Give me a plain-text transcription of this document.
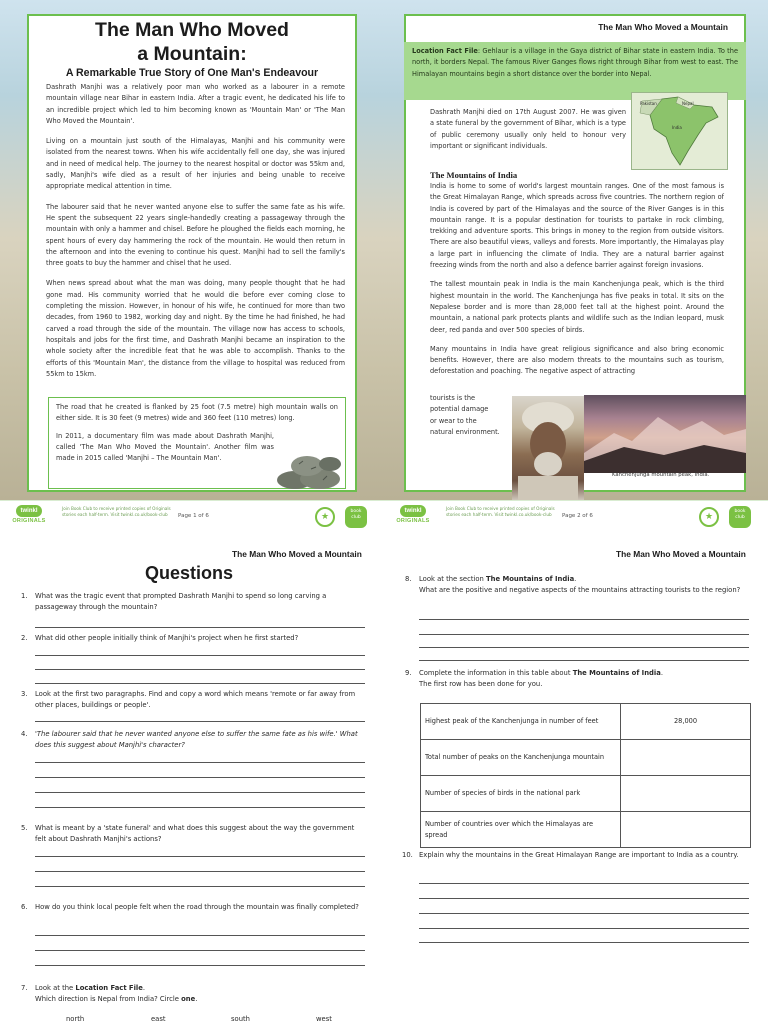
The Man Who Moved
a Mountain:
A Remarkable True Story of One Man's Endeavour

Dashrath Manjhi was a relatively poor man who worked as a labourer in a remote mountain village near Bihar in eastern India. After a tragic event, he dedicated his life to an incredible project which led to him becoming known as 'Mountain Man' or 'The Man Who Moved the Mountain'.

Living on a mountain just south of the Himalayas, Manjhi and his community were isolated from the nearest towns. When his wife accidentally fell one day, she was injured and in need of medical help. The journey to the nearest hospital or doctor was 55km and, sadly, Manjhi's wife died as a result of her injuries and being unable to receive appropriate medical attention in time.

The labourer said that he never wanted anyone else to suffer the same fate as his wife. He spent the subsequent 22 years single-handedly creating a passageway through the mountain with only a hammer and chisel. Before he ploughed the fields each morning, he spent hours of every day hammering the rock of the mountain. He would then return in the afternoon and into the evening to continue his quest. Manjhi had to sell the family's three goats to buy the hammer and chisel that he used.

When news spread about what the man was doing, many people thought that he had gone mad. His community worried that he would die before ever coming close to completing the mission. However, in honour of his wife, he continued for more than two decades, from 1960 to 1982, working day and night. By the time he had finished, he had carved a road through the side of the mountain. The village now has access to schools, hospitals and jobs for the first time, and Dashrath Manjhi became an inspiration to the whole society after the incredible feat that he was able to accomplish. Thanks to the efforts of this 'Mountain Man', the distance from the village to hospital was reduced from 55km to 15km.

The road that he created is flanked by 25 foot (7.5 metre) high mountain walls on either side. It is 30 feet (9 metres) wide and 360 feet (110 metres) long.

In 2011, a documentary film was made about Dashrath Manjhi, called 'The Man Who Moved the Mountain'. Another film was made in 2015 called 'Manjhi – The Mountain Man'.

twinkl
ORIGINALS
Join Book Club to receive printed copies of Originals stories each half-term. Visit twinkl.co.uk/book-club	Page 1 of 6	★
book
club
The Man Who Moved a Mountain
Location Fact File: Gehlaur is a village in the Gaya district of Bihar state in eastern India. To the north, it borders Nepal. The famous River Ganges flows right through Bihar from west to east. The Himalayan mountains begin a short distance over the border into Nepal.
Dashrath Manjhi died on 17th August 2007. He was given a state funeral by the government of Bihar, which is a type of public ceremony usually only held to honour very important or significant individuals.
Pakistan	Nepal
India
The Mountains of India

India is home to some of world's largest mountain ranges. One of the most famous is the Great Himalayan Range, which spreads across five countries. The northern region of India is covered by part of the Himalayas and the source of the River Ganges is in this mountain range. It is a popular destination for tourists to partake in rock climbing, trekking and adventure sports. This brings in money to the region from outside visitors. There are also beautiful views, valleys and forests. More importantly, the Himalayas play a large part in influencing the climate of India. They are a natural barrier against freezing winds from the north and also a defence barrier against foreign invasions.

The tallest mountain peak in India is the main Kanchenjunga peak, which is the third highest mountain in the world. The Kanchenjunga has five peaks in total. It sits on the Nepalese border and is more than 28,000 feet tall at the highest point. Around the mountain, a national park protects plants and wildlife such as the Indian leopard, musk deer, red panda and over 500 species of birds.

Many mountains in India have great religious significance and also bring economic benefits. However, there are also modern threats to the mountains such as tourism, deforestation and poaching. The negative aspect of attracting

tourists is the
potential damage
or wear to the
natural environment.
Kanchenjunga mountain peak, India.
twinkl
ORIGINALS
Join Book Club to receive printed copies of Originals stories each half-term. Visit twinkl.co.uk/book-club	Page 2 of 6	★
book
club
The Man Who Moved a Mountain
Questions
1. What was the tragic event that prompted Dashrath Manjhi to spend so long carving a passageway through the mountain?
2. What did other people initially think of Manjhi's project when he first started?
3. Look at the first two paragraphs. Find and copy a word which means 'remote or far away from other places, buildings or people'.
4. 'The labourer said that he never wanted anyone else to suffer the same fate as his wife.' What does this suggest about Manjhi's character?
5. What is meant by a 'state funeral' and what does this suggest about the way the government felt about Dashrath Manjhi's actions?
6. How do you think local people felt when the road through the mountain was finally completed?
7. Look at the Location Fact File.
Which direction is Nepal from India? Circle one.
north	east	south	west
The Man Who Moved a Mountain
8. Look at the section The Mountains of India.
What are the positive and negative aspects of the mountains attracting tourists to the region?
9. Complete the information in this table about The Mountains of India.
The first row has been done for you.
Highest peak of the Kanchenjunga in number of feet	28,000
Total number of peaks on the Kanchenjunga mountain	
Number of species of birds in the national park	
Number of countries over which the Himalayas are spread	
10. Explain why the mountains in the Great Himalayan Range are important to India as a country.
